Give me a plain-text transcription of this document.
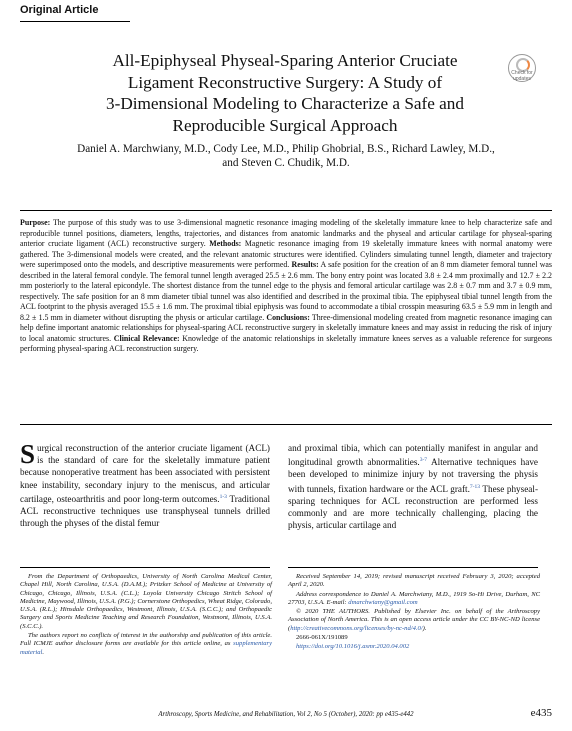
Original Article
All-Epiphyseal Physeal-Sparing Anterior Cruciate
Ligament Reconstructive Surgery: A Study of
3-Dimensional Modeling to Characterize a Safe and
Reproducible Surgical Approach
Check for updates
Daniel A. Marchwiany, M.D., Cody Lee, M.D., Philip Ghobrial, B.S., Richard Lawley, M.D.,
and Steven C. Chudik, M.D.
Purpose: The purpose of this study was to use 3-dimensional magnetic resonance imaging modeling of the skeletally immature knee to help characterize safe and reproducible tunnel positions, diameters, lengths, trajectories, and distances from anatomic landmarks and the physeal and articular cartilage for physeal-sparing anterior cruciate ligament (ACL) reconstructive surgery. Methods: Magnetic resonance imaging from 19 skeletally immature knees with normal anatomy were gathered. The 3-dimensional models were created, and the relevant anatomic structures were identified. Cylinders simulating tunnel length, diameter and trajectory were superimposed onto the models, and descriptive measurements were performed. Results: A safe position for the creation of an 8 mm diameter femoral tunnel was described in the lateral femoral condyle. The femoral tunnel length averaged 25.5 ± 2.6 mm. The bony entry point was located 3.8 ± 2.4 mm proximally and 12.7 ± 2.2 mm posteriorly to the lateral epicondyle. The shortest distance from the tunnel edge to the physis and femoral articular cartilage was 2.8 ± 0.7 mm and 3.7 ± 0.9 mm, respectively. The safe position for an 8 mm diameter tibial tunnel was also identified and described in the proximal tibia. The epiphyseal tibial tunnel length from the ACL footprint to the physis averaged 15.5 ± 1.6 mm. The proximal tibial epiphysis was found to accommodate a tibial crosspin measuring 63.5 ± 5.9 mm in length and 8.2 ± 1.5 mm in diameter without disrupting the physis or articular cartilage. Conclusions: Three-dimensional modeling created from magnetic resonance imaging can help define important anatomic relationships for physeal-sparing ACL reconstructive surgery in skeletally immature knees and may assist in reducing the risk of injury to local anatomic structures. Clinical Relevance: Knowledge of the anatomic relationships in skeletally immature knees serves as a valuable reference for surgeons performing physeal-sparing ACL reconstruction surgery.
S urgical reconstruction of the anterior cruciate ligament (ACL) is the standard of care for the skeletally immature patient because nonoperative treatment has been associated with persistent knee instability, secondary injury to the meniscus, and articular cartilage, osteoarthritis and poor long-term outcomes.$^{1-3}$ Traditional ACL reconstructive techniques use transphyseal tunnels drilled through the physes of the distal femur
and proximal tibia, which can potentially manifest in angular and longitudinal growth abnormalities.$^{3-7}$ Alternative techniques have been developed to minimize injury by not traversing the physis with tunnels, fixation hardware or the ACL graft.$^{7-13}$ These physeal-sparing techniques for ACL reconstruction are performed less commonly and are more technically challenging, placing the physis, articular cartilage and

From the Department of Orthopaedics, University of North Carolina Medical Center, Chapel Hill, North Carolina, U.S.A. (D.A.M.); Pritzker School of Medicine at University of Chicago, Chicago, Illinois, U.S.A. (C.L.); Loyola University Chicago Stritch School of Medicine, Maywood, Illinois, U.S.A. (P.G.); Cornerstone Orthopedics, Wheat Ridge, Colorado, U.S.A. (R.L.); Hinsdale Orthopaedics, Westmont, Illinois, U.S.A. (S.C.C.); and Orthopaedic Surgery and Sports Medicine Teaching and Research Foundation, Westmont, Illinois, U.S.A. (S.C.C.).

The authors report no conflicts of interest in the authorship and publication of this article. Full ICMJE author disclosure forms are available for this article online, as supplementary material.

Received September 14, 2019; revised manuscript received February 3, 2020; accepted April 2, 2020.

Address correspondence to Daniel A. Marchwiany, M.D., 1919 So-Hi Drive, Durham, NC 27703, U.S.A. E-mail: dmarchwiany@gmail.com

© 2020 THE AUTHORS. Published by Elsevier Inc. on behalf of the Arthroscopy Association of North America. This is an open access article under the CC BY-NC-ND license (http://creativecommons.org/licenses/by-nc-nd/4.0/).

2666-061X/191089

https://doi.org/10.1016/j.asmr.2020.04.002

Arthroscopy, Sports Medicine, and Rehabilitation, Vol 2, No 5 (October), 2020: pp e435-e442	e435
